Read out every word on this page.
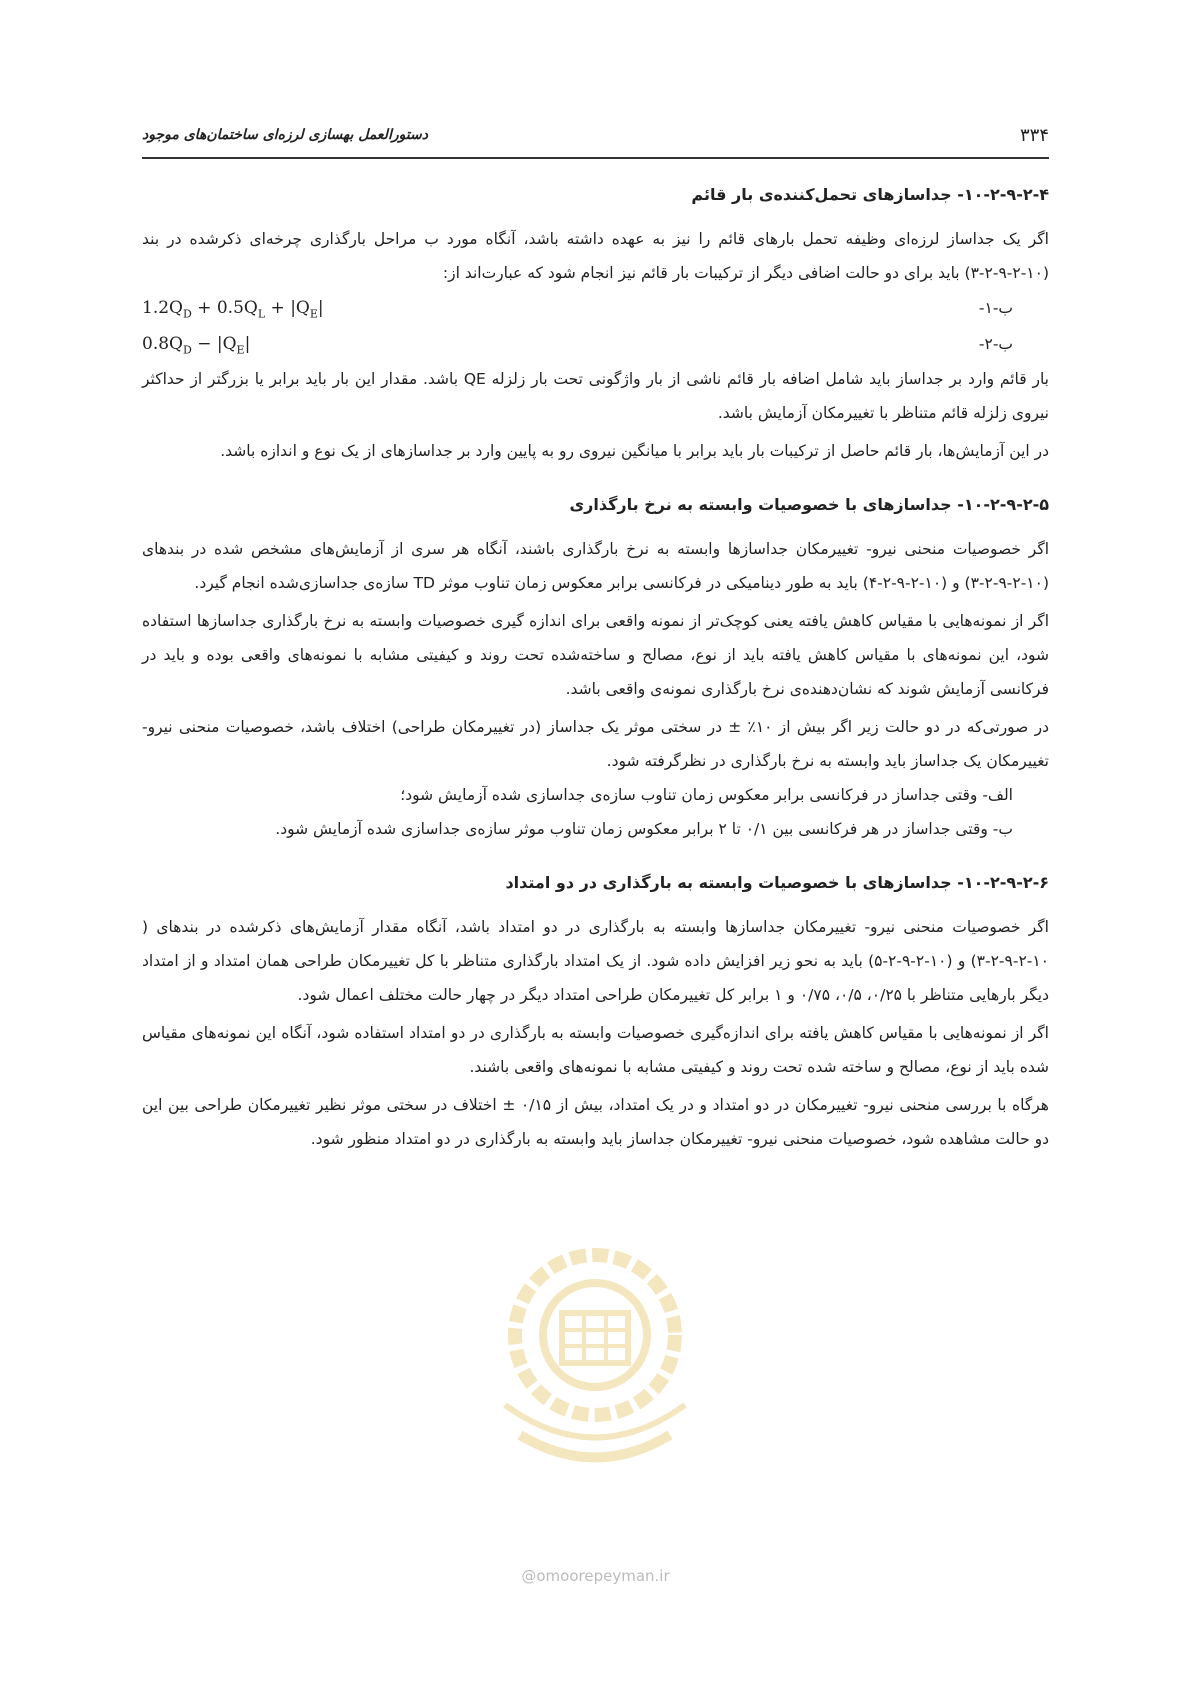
۳۳۴
دستورالعمل بهسازی لرزه‌ای ساختمان‌های موجود
۱۰-۲-۹-۲-۴- جداسازهای تحمل‌کننده‌ی بار قائم

اگر یک جداساز لرزه‌ای وظیفه تحمل بارهای قائم را نیز به عهده داشته باشد، آنگاه مورد ب مراحل بارگذاری چرخه‌ای ذکرشده در بند (۱۰-۲-۹-۲-۳) باید برای دو حالت اضافی دیگر از ترکیبات بار قائم نیز انجام شود که عبارت‌اند از:

ب-۱-
$1.2Q_D + 0.5Q_L + |Q_E|$
ب-۲-
$0.8Q_D - |Q_E|$

بار قائم وارد بر جداساز باید شامل اضافه بار قائم ناشی از بار واژگونی تحت بار زلزله QE باشد. مقدار این بار باید برابر یا بزرگتر از حداکثر نیروی زلزله قائم متناظر با تغییرمکان آزمایش باشد.

در این آزمایش‌ها، بار قائم حاصل از ترکیبات بار باید برابر با میانگین نیروی رو به پایین وارد بر جداسازهای از یک نوع و اندازه باشد.

۱۰-۲-۹-۲-۵- جداسازهای با خصوصیات وابسته به نرخ بارگذاری

اگر خصوصیات منحنی نیرو- تغییرمکان جداسازها وابسته به نرخ بارگذاری باشند، آنگاه هر سری از آزمایش‌های مشخص شده در بندهای (۱۰-۲-۹-۲-۳) و (۱۰-۲-۹-۲-۴) باید به طور دینامیکی در فرکانسی برابر معکوس زمان تناوب موثر TD سازه‌ی جداسازی‌شده انجام گیرد.

اگر از نمونه‌هایی با مقیاس کاهش یافته یعنی کوچک‌تر از نمونه واقعی برای اندازه گیری خصوصیات وابسته به نرخ بارگذاری جداسازها استفاده شود، این نمونه‌های با مقیاس کاهش یافته باید از نوع، مصالح و ساخته‌شده تحت روند و کیفیتی مشابه با نمونه‌های واقعی بوده و باید در فرکانسی آزمایش شوند که نشان‌دهنده‌ی نرخ بارگذاری نمونه‌ی واقعی باشد.

در صورتی‌که در دو حالت زیر اگر بیش از ۱۰٪ ± در سختی موثر یک جداساز (در تغییرمکان طراحی) اختلاف باشد، خصوصیات منحنی نیرو- تغییرمکان یک جداساز باید وابسته به نرخ بارگذاری در نظرگرفته شود.

الف- وقتی جداساز در فرکانسی برابر معکوس زمان تناوب سازه‌ی جداسازی شده آزمایش شود؛

ب- وقتی جداساز در هر فرکانسی بین ۰/۱ تا ۲ برابر معکوس زمان تناوب موثر سازه‌ی جداسازی شده آزمایش شود.

۱۰-۲-۹-۲-۶- جداسازهای با خصوصیات وابسته به بارگذاری در دو امتداد

اگر خصوصیات منحنی نیرو- تغییرمکان جداسازها وابسته به بارگذاری در دو امتداد باشد، آنگاه مقدار آزمایش‌های ذکرشده در بندهای ( ۱۰-۲-۹-۲-۳) و (۱۰-۲-۹-۲-۵) باید به نحو زیر افزایش داده شود. از یک امتداد بارگذاری متناظر با کل تغییرمکان طراحی همان امتداد و از امتداد دیگر بارهایی متناظر با ۰/۲۵، ۰/۵، ۰/۷۵ و ۱ برابر کل تغییرمکان طراحی امتداد دیگر در چهار حالت مختلف اعمال شود.

اگر از نمونه‌هایی با مقیاس کاهش یافته برای اندازه‌گیری خصوصیات وابسته به بارگذاری در دو امتداد استفاده شود، آنگاه این نمونه‌های مقیاس شده باید از نوع، مصالح و ساخته شده تحت روند و کیفیتی مشابه با نمونه‌های واقعی باشند.

هرگاه با بررسی منحنی نیرو- تغییرمکان در دو امتداد و در یک امتداد، بیش از ۰/۱۵ ± اختلاف در سختی موثر نظیر تغییرمکان طراحی بین این دو حالت مشاهده شود، خصوصیات منحنی نیرو- تغییرمکان جداساز باید وابسته به بارگذاری در دو امتداد منظور شود.

@omoorepeyman.ir
